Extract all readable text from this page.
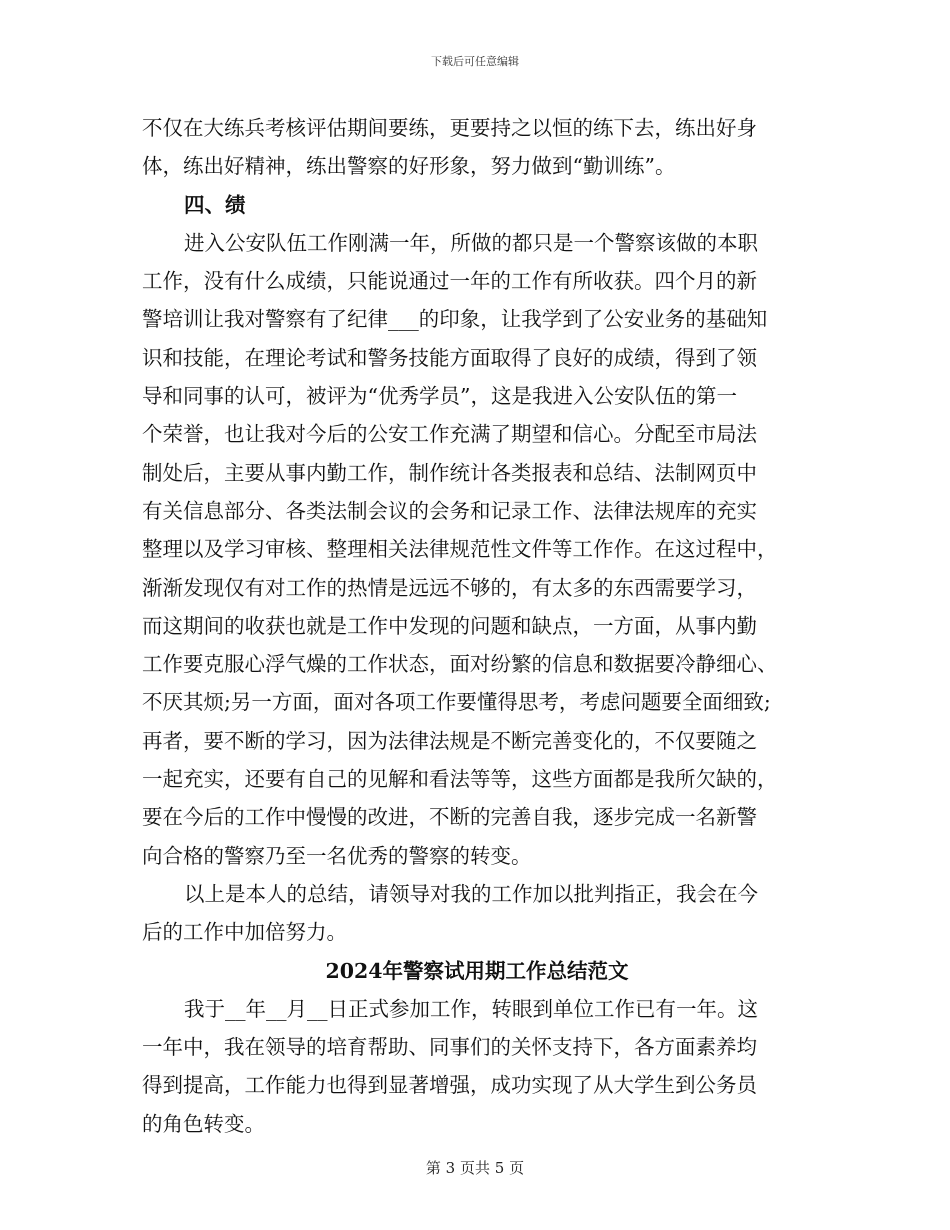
下载后可任意编辑
不仅在大练兵考核评估期间要练，更要持之以恒的练下去，练出好身
体，练出好精神，练出警察的好形象，努力做到“勤训练”。
四、绩
进入公安队伍工作刚满一年，所做的都只是一个警察该做的本职
工作，没有什么成绩，只能说通过一年的工作有所收获。四个月的新
警培训让我对警察有了纪律___的印象，让我学到了公安业务的基础知
识和技能，在理论考试和警务技能方面取得了良好的成绩，得到了领
导和同事的认可，被评为“优秀学员”，这是我进入公安队伍的第一
个荣誉，也让我对今后的公安工作充满了期望和信心。分配至市局法
制处后，主要从事内勤工作，制作统计各类报表和总结、法制网页中
有关信息部分、各类法制会议的会务和记录工作、法律法规库的充实
整理以及学习审核、整理相关法律规范性文件等工作作。在这过程中，
渐渐发现仅有对工作的热情是远远不够的，有太多的东西需要学习，
而这期间的收获也就是工作中发现的问题和缺点，一方面，从事内勤
工作要克服心浮气燥的工作状态，面对纷繁的信息和数据要冷静细心、
不厌其烦;另一方面，面对各项工作要懂得思考，考虑问题要全面细致;
再者，要不断的学习，因为法律法规是不断完善变化的，不仅要随之
一起充实，还要有自己的见解和看法等等，这些方面都是我所欠缺的，
要在今后的工作中慢慢的改进，不断的完善自我，逐步完成一名新警
向合格的警察乃至一名优秀的警察的转变。
以上是本人的总结，请领导对我的工作加以批判指正，我会在今
后的工作中加倍努力。
2024年警察试用期工作总结范文
我于__年__月__日正式参加工作，转眼到单位工作已有一年。这
一年中，我在领导的培育帮助、同事们的关怀支持下，各方面素养均
得到提高，工作能力也得到显著增强，成功实现了从大学生到公务员
的角色转变。
第 3 页共 5 页
